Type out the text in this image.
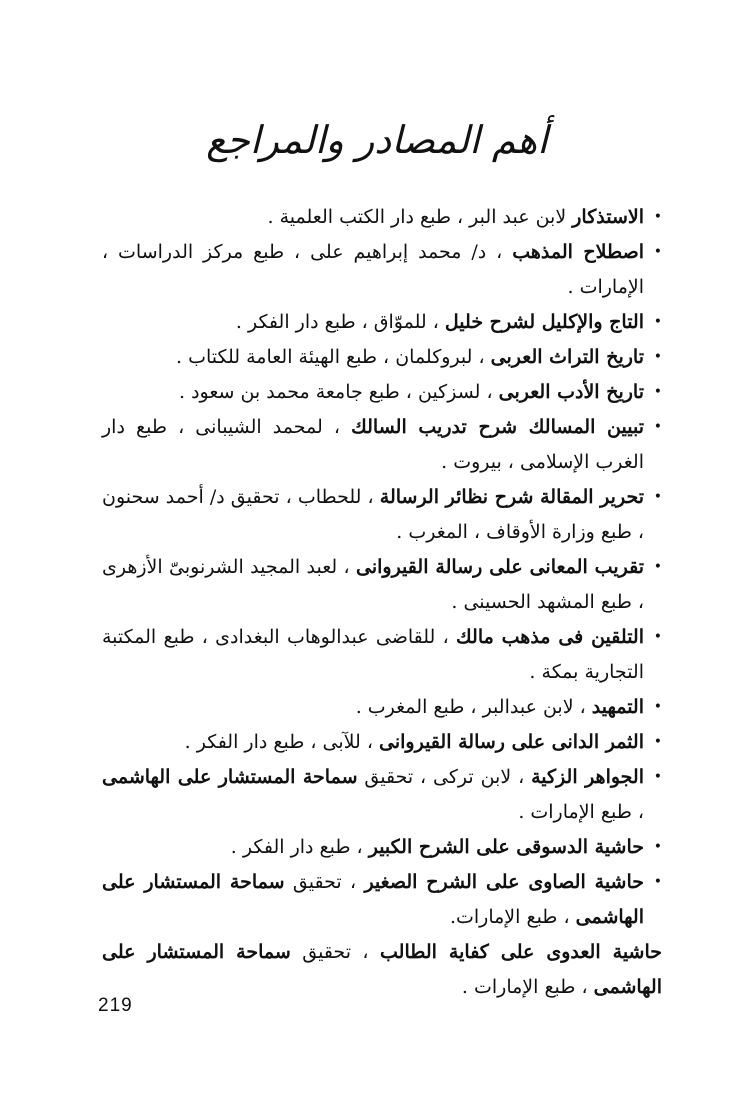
أهم المصادر والمراجع
•
الاستذكار لابن عبد البر ، طبع دار الكتب العلمية .
•
اصطلاح المذهب ، د/ محمد إبراهيم على ، طبع مركز الدراسات ، الإمارات .
•
التاج والإكليل لشرح خليل ، للموّاق ، طبع دار الفكر .
•
تاريخ التراث العربى ، لبروكلمان ، طبع الهيئة العامة للكتاب .
•
تاريخ الأدب العربى ، لسزكين ، طبع جامعة محمد بن سعود .
•
تبيين المسالك شرح تدريب السالك ، لمحمد الشيبانى ، طبع دار الغرب الإسلامى ، بيروت .
•
تحرير المقالة شرح نظائر الرسالة ، للحطاب ، تحقيق د/ أحمد سحنون ، طبع وزارة الأوقاف ، المغرب .
•
تقريب المعانى على رسالة القيروانى ، لعبد المجيد الشرنوبىّ الأزهرى ، طبع المشهد الحسينى .
•
التلقين فى مذهب مالك ، للقاضى عبدالوهاب البغدادى ، طبع المكتبة التجارية بمكة .
•
التمهيد ، لابن عبدالبر ، طبع المغرب .
•
الثمر الدانى على رسالة القيروانى ، للآبى ، طبع دار الفكر .
•
الجواهر الزكية ، لابن تركى ، تحقيق سماحة المستشار على الهاشمى ، طبع الإمارات .
•
حاشية الدسوقى على الشرح الكبير ، طبع دار الفكر .
•
حاشية الصاوى على الشرح الصغير ، تحقيق سماحة المستشار على الهاشمى ، طبع الإمارات.
حاشية العدوى على كفاية الطالب ، تحقيق سماحة المستشار على الهاشمى ، طبع الإمارات .
219
